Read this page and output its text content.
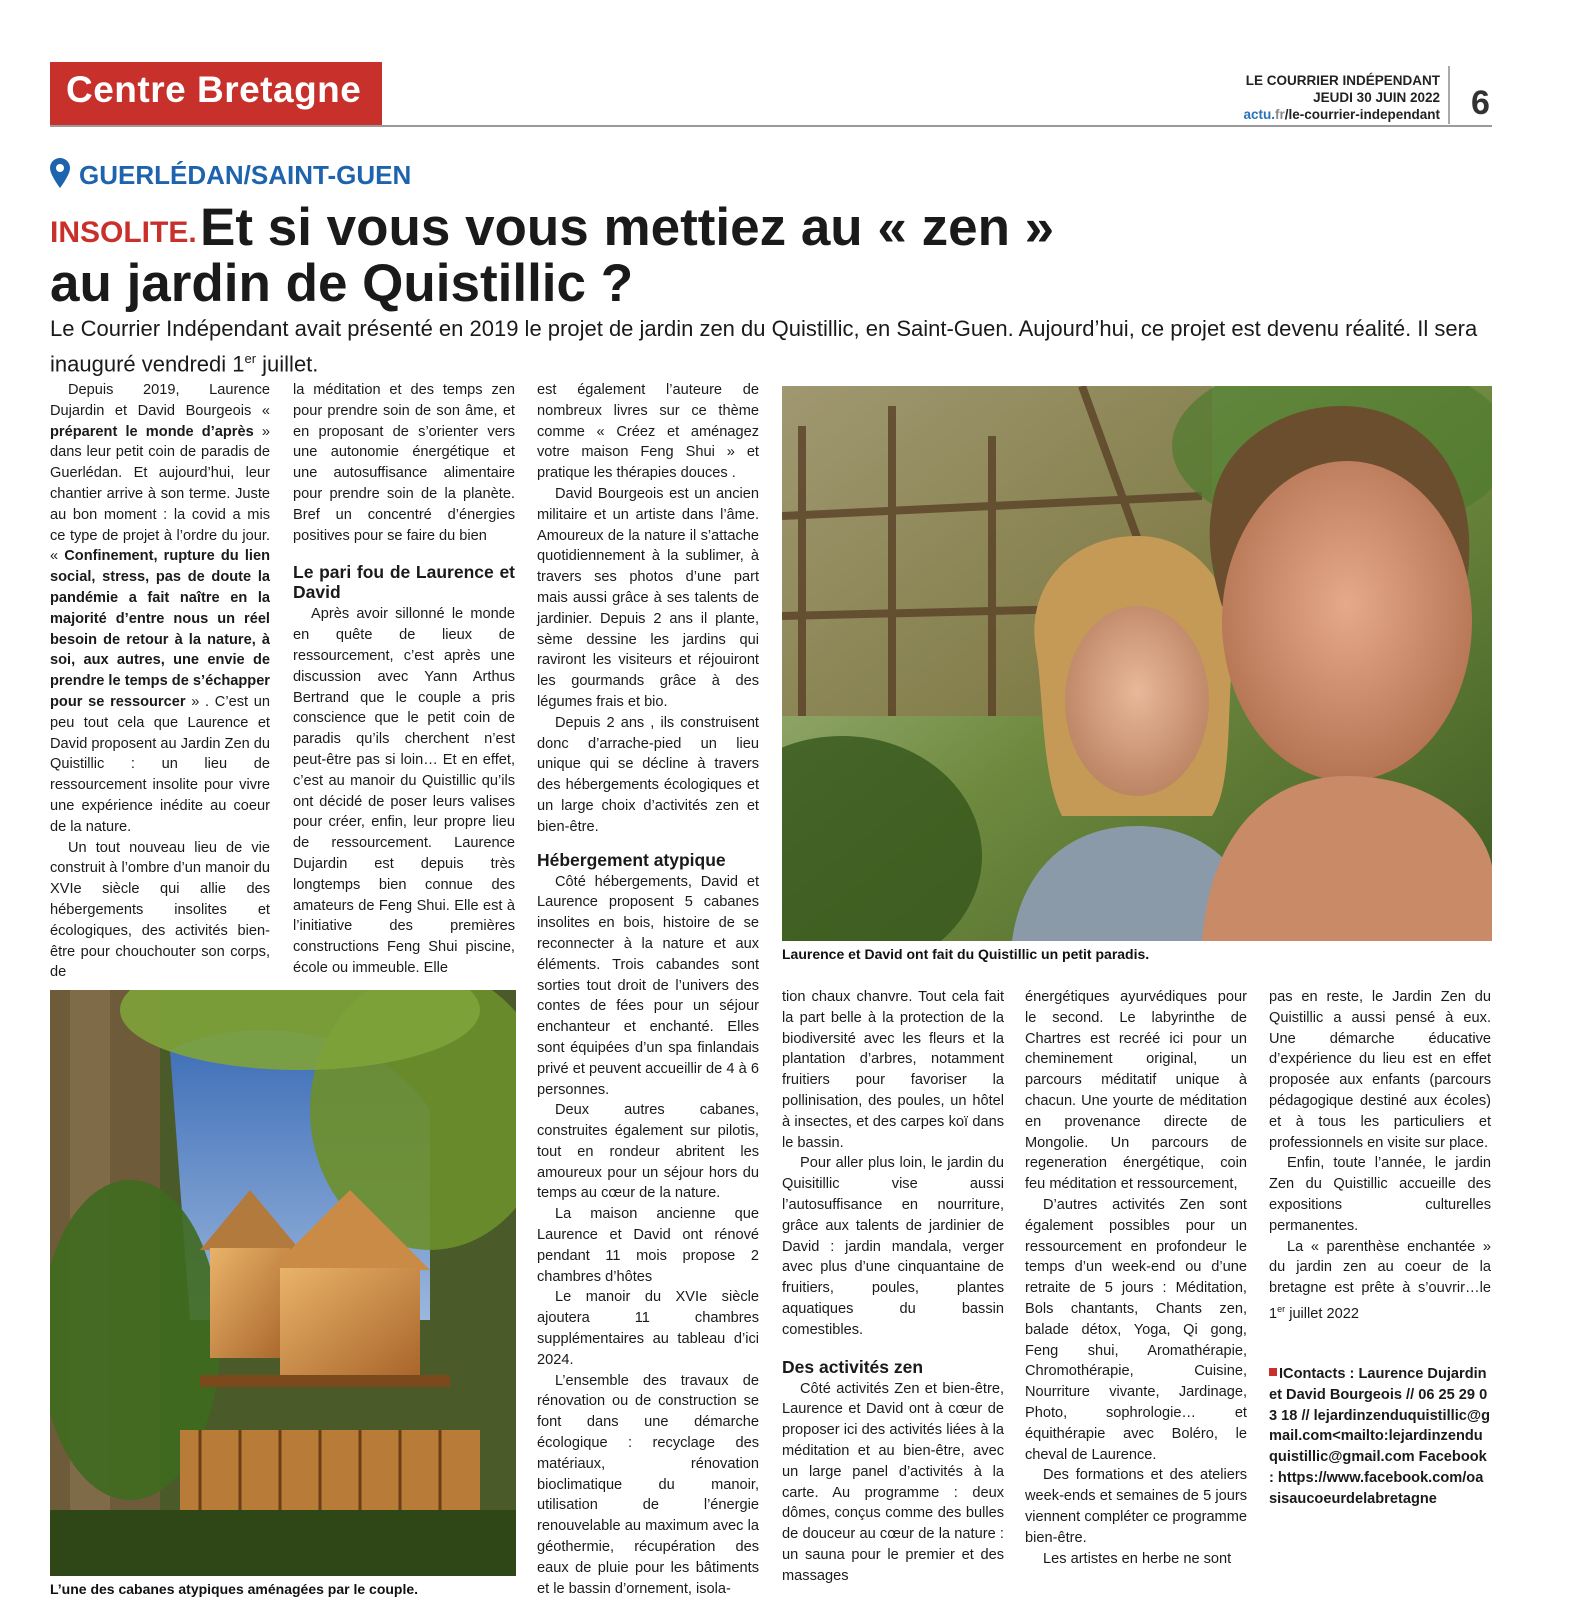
Centre Bretagne	LE COURRIER INDÉPENDANT
JEUDI 30 JUIN 2022
actu.fr/le-courrier-independant 6
GUERLÉDAN/SAINT-GUEN
INSOLITE. Et si vous vous mettiez au « zen »
au jardin de Quistillic ?
Le Courrier Indépendant avait présenté en 2019 le projet de jardin zen du Quistillic, en Saint-Guen. Aujourd’hui, ce projet est devenu réalité. Il sera inauguré vendredi 1er juillet.

Depuis 2019, Laurence Dujardin et David Bourgeois « préparent le monde d’après » dans leur petit coin de paradis de Guerlédan. Et aujourd’hui, leur chantier arrive à son terme. Juste au bon moment : la covid a mis ce type de projet à l’ordre du jour. « Confinement, rupture du lien social, stress, pas de doute la pandémie a fait naître en la majorité d’entre nous un réel besoin de retour à la nature, à soi, aux autres, une envie de prendre le temps de s’échapper pour se ressourcer » . C’est un peu tout cela que Laurence et David proposent au Jardin Zen du Quistillic : un lieu de ressourcement insolite pour vivre une expérience inédite au coeur de la nature.

Un tout nouveau lieu de vie construit à l’ombre d’un manoir du XVIe siècle qui allie des hébergements insolites et écologiques, des activités bien-être pour chouchouter son corps, de

la méditation et des temps zen pour prendre soin de son âme, et en proposant de s’orienter vers une autonomie énergétique et une autosuffisance alimentaire pour prendre soin de la planète. Bref un concentré d’énergies positives pour se faire du bien

Le pari fou de Laurence et David

Après avoir sillonné le monde en quête de lieux de ressourcement, c’est après une discussion avec Yann Arthus Bertrand que le couple a pris conscience que le petit coin de paradis qu’ils cherchent n’est peut-être pas si loin… Et en effet, c’est au manoir du Quistillic qu’ils ont décidé de poser leurs valises pour créer, enfin, leur propre lieu de ressourcement. Laurence Dujardin est depuis très longtemps bien connue des amateurs de Feng Shui. Elle est à l’initiative des premières constructions Feng Shui piscine, école ou immeuble. Elle

est également l’auteure de nombreux livres sur ce thème comme « Créez et aménagez votre maison Feng Shui » et pratique les thérapies douces .

David Bourgeois est un ancien militaire et un artiste dans l’âme. Amoureux de la nature il s’attache quotidiennement à la sublimer, à travers ses photos d’une part mais aussi grâce à ses talents de jardinier. Depuis 2 ans il plante, sème dessine les jardins qui raviront les visiteurs et réjouiront les gourmands grâce à des légumes frais et bio.

Depuis 2 ans , ils construisent donc d’arrache-pied un lieu unique qui se décline à travers des hébergements écologiques et un large choix d’activités zen et bien-être.

Hébergement atypique

Côté hébergements, David et Laurence proposent 5 cabanes insolites en bois, histoire de se reconnecter à la nature et aux éléments. Trois cabandes sont sorties tout droit de l’univers des contes de fées pour un séjour enchanteur et enchanté. Elles sont équipées d’un spa finlandais privé et peuvent accueillir de 4 à 6 personnes.

Deux autres cabanes, construites également sur pilotis, tout en rondeur abritent les amoureux pour un séjour hors du temps au cœur de la nature.

La maison ancienne que Laurence et David ont rénové pendant 11 mois propose 2 chambres d’hôtes

Le manoir du XVIe siècle ajoutera 11 chambres supplémentaires au tableau d’ici 2024.

L’ensemble des travaux de rénovation ou de construction se font dans une démarche écologique : recyclage des matériaux, rénovation bioclimatique du manoir, utilisation de l’énergie renouvelable au maximum avec la géothermie, récupération des eaux de pluie pour les bâtiments et le bassin d’ornement, isola-

Laurence et David ont fait du Quistillic un petit paradis.
L’une des cabanes atypiques aménagées par le couple.

tion chaux chanvre. Tout cela fait la part belle à la protection de la biodiversité avec les fleurs et la plantation d’arbres, notamment fruitiers pour favoriser la pollinisation, des poules, un hôtel à insectes, et des carpes koï dans le bassin.

Pour aller plus loin, le jardin du Quisitillic vise aussi l’autosuffisance en nourriture, grâce aux talents de jardinier de David : jardin mandala, verger avec plus d’une cinquantaine de fruitiers, poules, plantes aquatiques du bassin comestibles.

Des activités zen

Côté activités Zen et bien-être, Laurence et David ont à cœur de proposer ici des activités liées à la méditation et au bien-être, avec un large panel d’activités à la carte. Au programme : deux dômes, conçus comme des bulles de douceur au cœur de la nature : un sauna pour le premier et des massages

énergétiques ayurvédiques pour le second. Le labyrinthe de Chartres est recréé ici pour un cheminement original, un parcours méditatif unique à chacun. Une yourte de méditation en provenance directe de Mongolie. Un parcours de regeneration énergétique, coin feu méditation et ressourcement,

D’autres activités Zen sont également possibles pour un ressourcement en profondeur le temps d’un week-end ou d’une retraite de 5 jours : Méditation, Bols chantants, Chants zen, balade détox, Yoga, Qi gong, Feng shui, Aromathérapie, Chromothérapie, Cuisine, Nourriture vivante, Jardinage, Photo, sophrologie… et équithérapie avec Boléro, le cheval de Laurence.

Des formations et des ateliers week-ends et semaines de 5 jours viennent compléter ce programme bien-être.

Les artistes en herbe ne sont

pas en reste, le Jardin Zen du Quistillic a aussi pensé à eux. Une démarche éducative d’expérience du lieu est en effet proposée aux enfants (parcours pédagogique destiné aux écoles) et à tous les particuliers et professionnels en visite sur place.

Enfin, toute l’année, le jardin Zen du Quistillic accueille des expositions culturelles permanentes.

La « parenthèse enchantée » du jardin zen au coeur de la bretagne est prête à s’ouvrir…le 1er juillet 2022

IContacts : Laurence Dujardin et David Bourgeois // 06 25 29 03 18 // lejardinzenduquistillic@gmail.com<mailto:lejardinzenduquistillic@gmail.com Facebook : https://www.facebook.com/oasisaucoeurdelabretagne
